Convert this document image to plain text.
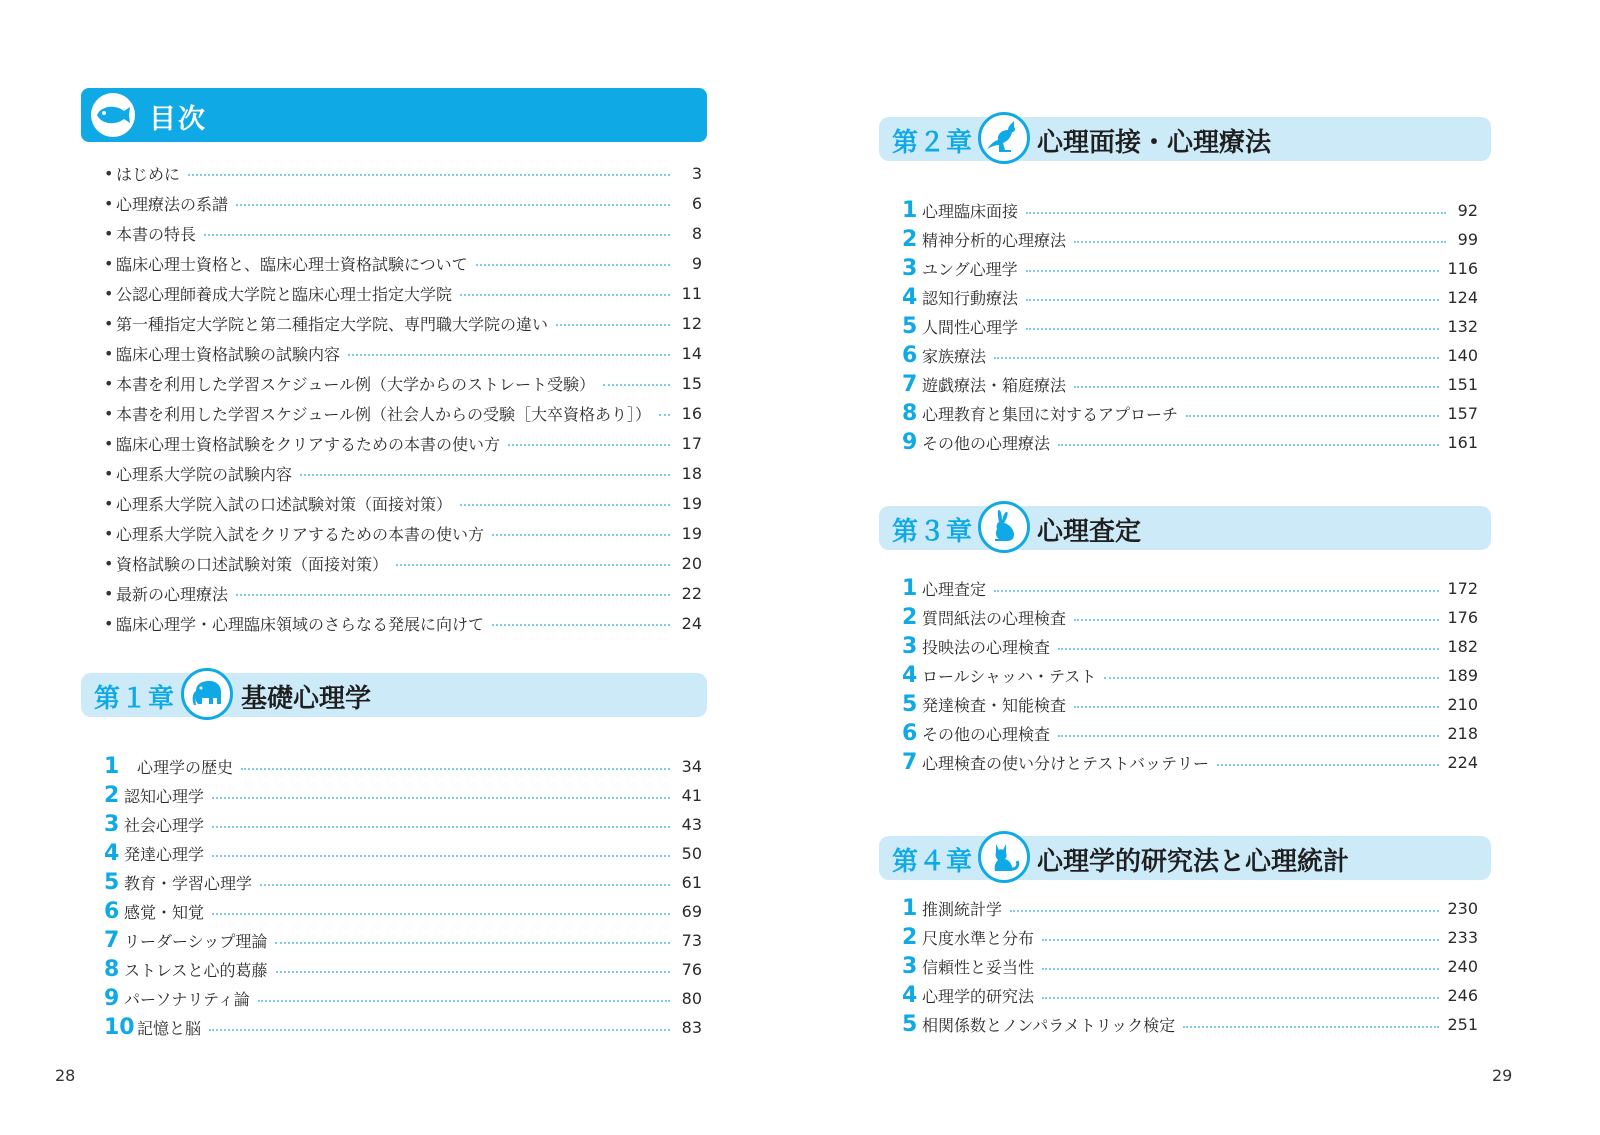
目次
• はじめに	3
• 心理療法の系譜	6
• 本書の特長	8
• 臨床心理士資格と、臨床心理士資格試験について	9
• 公認心理師養成大学院と臨床心理士指定大学院	11
• 第一種指定大学院と第二種指定大学院、専門職大学院の違い	12
• 臨床心理士資格試験の試験内容	14
• 本書を利用した学習スケジュール例（大学からのストレート受験）	15
• 本書を利用した学習スケジュール例（社会人からの受験［大卒資格あり］） 16
• 臨床心理士資格試験をクリアするための本書の使い方	17
• 心理系大学院の試験内容	18
• 心理系大学院入試の口述試験対策（面接対策）	19
• 心理系大学院入試をクリアするための本書の使い方	19
• 資格試験の口述試験対策（面接対策）	20
• 最新の心理療法	22
• 臨床心理学・心理臨床領域のさらなる発展に向けて	24
第１章	基礎心理学
1	心理学の歴史	34
2 認知心理学	41
3 社会心理学	43
4 発達心理学	50
5 教育・学習心理学	61
6 感覚・知覚	69
7 リーダーシップ理論	73
8 ストレスと心的葛藤	76
9 パーソナリティ論	80
10 記憶と脳	83
28
第２章 心理面接・心理療法
1 心理臨床面接	92
2 精神分析的心理療法	99
3 ユング心理学	116
4 認知行動療法	124
5 人間性心理学	132
6 家族療法	140
7 遊戯療法・箱庭療法	151
8 心理教育と集団に対するアプローチ	157
9 その他の心理療法	161
第３章 心理査定
1 心理査定	172
2 質問紙法の心理検査	176
3 投映法の心理検査	182
4 ロールシャッハ・テスト	189
5 発達検査・知能検査	210
6 その他の心理検査	218
7 心理検査の使い分けとテストバッテリー	224
第４章 心理学的研究法と心理統計
1 推測統計学	230
2 尺度水準と分布	233
3 信頼性と妥当性	240
4 心理学的研究法	246
5 相関係数とノンパラメトリック検定	251
29
